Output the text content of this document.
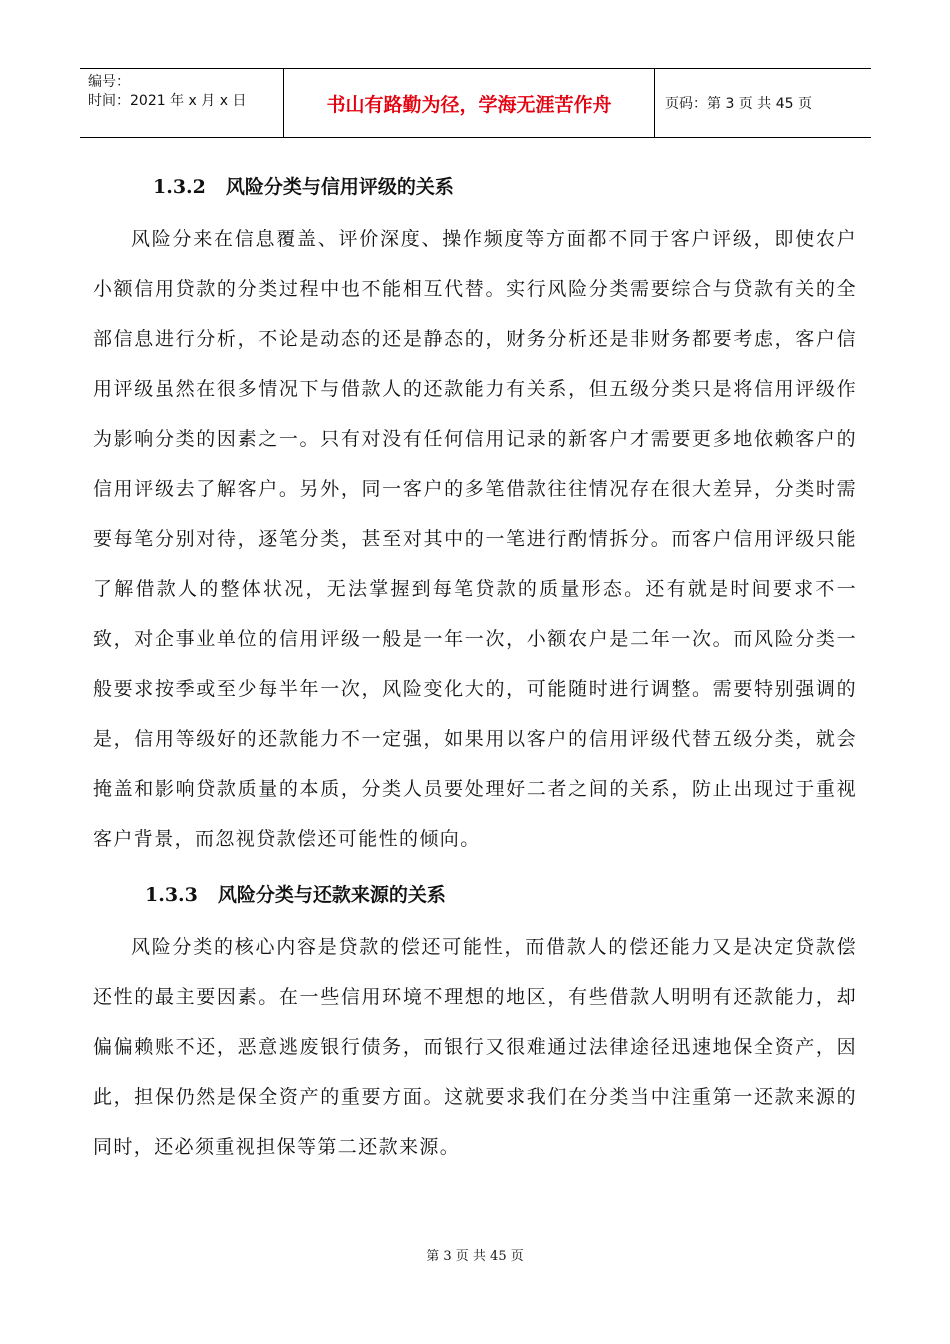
编号：
时间：2021 年 x 月 x 日	书山有路勤为径，学海无涯苦作舟	页码：第 3 页 共 45 页
1.3.2 风险分类与信用评级的关系

风险分来在信息覆盖、评价深度、操作频度等方面都不同于客户评级，即使农户小额信用贷款的分类过程中也不能相互代替。实行风险分类需要综合与贷款有关的全部信息进行分析，不论是动态的还是静态的，财务分析还是非财务都要考虑，客户信用评级虽然在很多情况下与借款人的还款能力有关系，但五级分类只是将信用评级作为影响分类的因素之一。只有对没有任何信用记录的新客户才需要更多地依赖客户的信用评级去了解客户。另外，同一客户的多笔借款往往情况存在很大差异，分类时需要每笔分别对待，逐笔分类，甚至对其中的一笔进行酌情拆分。而客户信用评级只能了解借款人的整体状况，无法掌握到每笔贷款的质量形态。还有就是时间要求不一致，对企事业单位的信用评级一般是一年一次，小额农户是二年一次。而风险分类一般要求按季或至少每半年一次，风险变化大的，可能随时进行调整。需要特别强调的是，信用等级好的还款能力不一定强，如果用以客户的信用评级代替五级分类，就会掩盖和影响贷款质量的本质，分类人员要处理好二者之间的关系，防止出现过于重视客户背景，而忽视贷款偿还可能性的倾向。

1.3.3 风险分类与还款来源的关系

风险分类的核心内容是贷款的偿还可能性，而借款人的偿还能力又是决定贷款偿还性的最主要因素。在一些信用环境不理想的地区，有些借款人明明有还款能力，却偏偏赖账不还，恶意逃废银行债务，而银行又很难通过法律途径迅速地保全资产，因此，担保仍然是保全资产的重要方面。这就要求我们在分类当中注重第一还款来源的同时，还必须重视担保等第二还款来源。

第 3 页 共 45 页
